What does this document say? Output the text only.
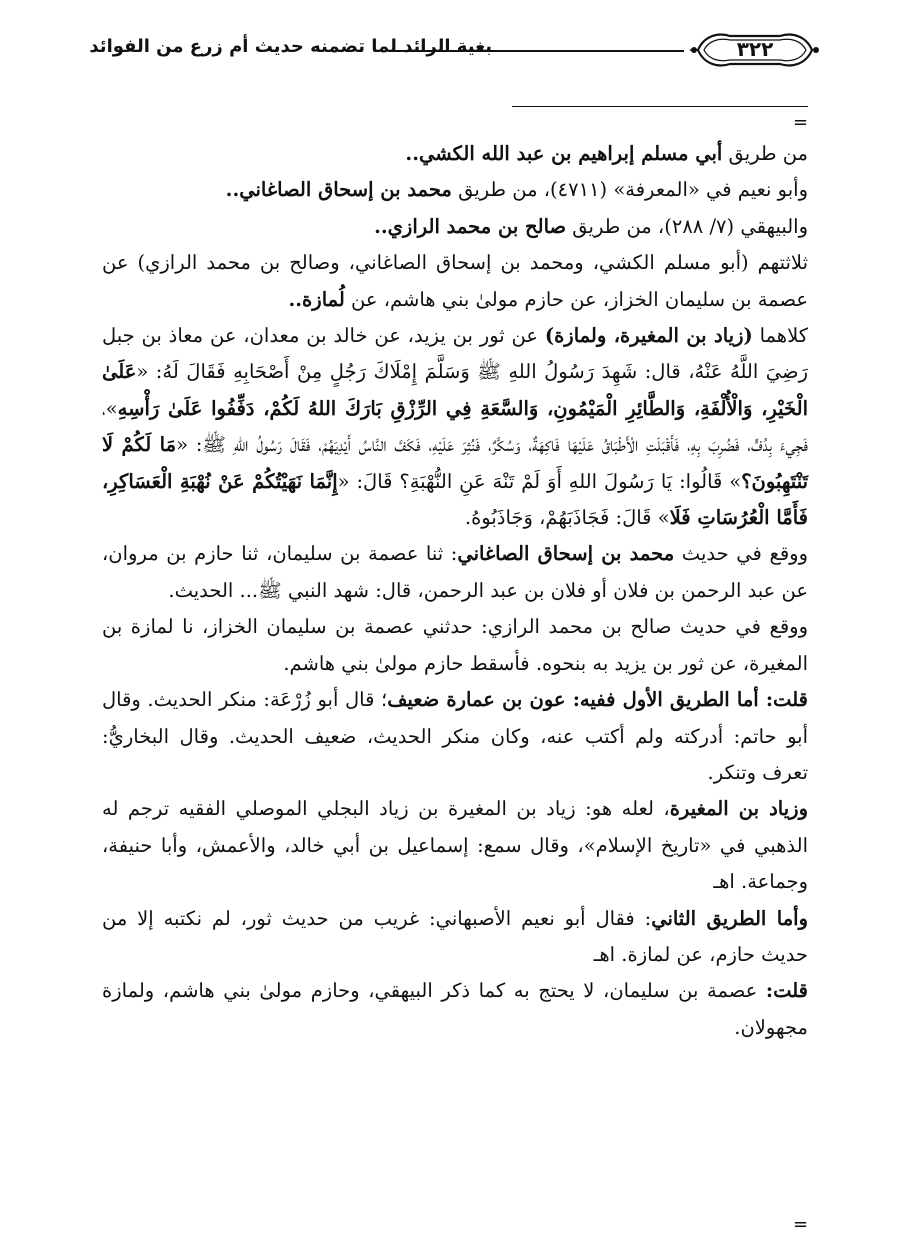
٣٢٢
بغية الرائد لما تضمنه حديث أم زرع من الفوائد
=

من طريق أبي مسلم إبراهيم بن عبد الله الكشي..

وأبو نعيم في «المعرفة» (٤٧١١)، من طريق محمد بن إسحاق الصاغاني..

والبيهقي (٧/ ٢٨٨)، من طريق صالح بن محمد الرازي..

ثلاثتهم (أبو مسلم الكشي، ومحمد بن إسحاق الصاغاني، وصالح بن محمد الرازي) عن عصمة بن سليمان الخزاز، عن حازم مولىٰ بني هاشم، عن لُمازة..

كلاهما (زياد بن المغيرة، ولمازة) عن ثور بن يزيد، عن خالد بن معدان، عن معاذ بن جبل رَضِيَ اللَّهُ عَنْهُ، قال: شَهِدَ رَسُولُ اللهِ ﷺ وَسَلَّمَ إِمْلَاكَ رَجُلٍ مِنْ أَصْحَابِهِ فَقَالَ لَهُ: «عَلَىٰ الْخَيْرِ، وَالْأُلْفَةِ، وَالطَّائِرِ الْمَيْمُونِ، وَالسَّعَةِ فِي الرِّزْقِ بَارَكَ اللهُ لَكُمْ، دَفِّفُوا عَلَىٰ رَأْسِهِ»، فَجِيءَ بِدُفٍّ، فَضُرِبَ بِهِ، فَأَقْبَلَتِ الْأَطْبَاقُ عَلَيْهَا فَاكِهَةٌ، وَسُكَّرٌ، فَنُثِرَ عَلَيْهِ، فَكَفَّ النَّاسُ أَيْدِيَهُمْ، فَقَالَ رَسُولُ اللهِ ﷺ: «مَا لَكُمْ لَا تَنْتَهِبُونَ؟» قَالُوا: يَا رَسُولَ اللهِ أَوَ لَمْ تَنْهَ عَنِ النُّهْبَةِ؟ قَالَ: «إِنَّمَا نَهَيْتُكُمْ عَنْ نُهْبَةِ الْعَسَاكِرِ، فَأَمَّا الْعُرُسَاتِ فَلَا» قَالَ: فَجَاذَبَهُمْ، وَجَاذَبُوهُ.

ووقع في حديث محمد بن إسحاق الصاغاني: ثنا عصمة بن سليمان، ثنا حازم بن مروان، عن عبد الرحمن بن فلان أو فلان بن عبد الرحمن، قال: شهد النبي ﷺ... الحديث.

ووقع في حديث صالح بن محمد الرازي: حدثني عصمة بن سليمان الخزاز، نا لمازة بن المغيرة، عن ثور بن يزيد به بنحوه. فأسقط حازم مولىٰ بني هاشم.

قلت: أما الطريق الأول ففيه: عون بن عمارة ضعيف؛ قال أبو زُرْعَة: منكر الحديث. وقال أبو حاتم: أدركته ولم أكتب عنه، وكان منكر الحديث، ضعيف الحديث. وقال البخاريُّ: تعرف وتنكر.

وزياد بن المغيرة، لعله هو: زياد بن المغيرة بن زياد البجلي الموصلي الفقيه ترجم له الذهبي في «تاريخ الإسلام»، وقال سمع: إسماعيل بن أبي خالد، والأعمش، وأبا حنيفة، وجماعة. اهـ

وأما الطريق الثاني: فقال أبو نعيم الأصبهاني: غريب من حديث ثور، لم نكتبه إلا من حديث حازم، عن لمازة. اهـ

قلت: عصمة بن سليمان، لا يحتج به كما ذكر البيهقي، وحازم مولىٰ بني هاشم، ولمازة مجهولان.

=
